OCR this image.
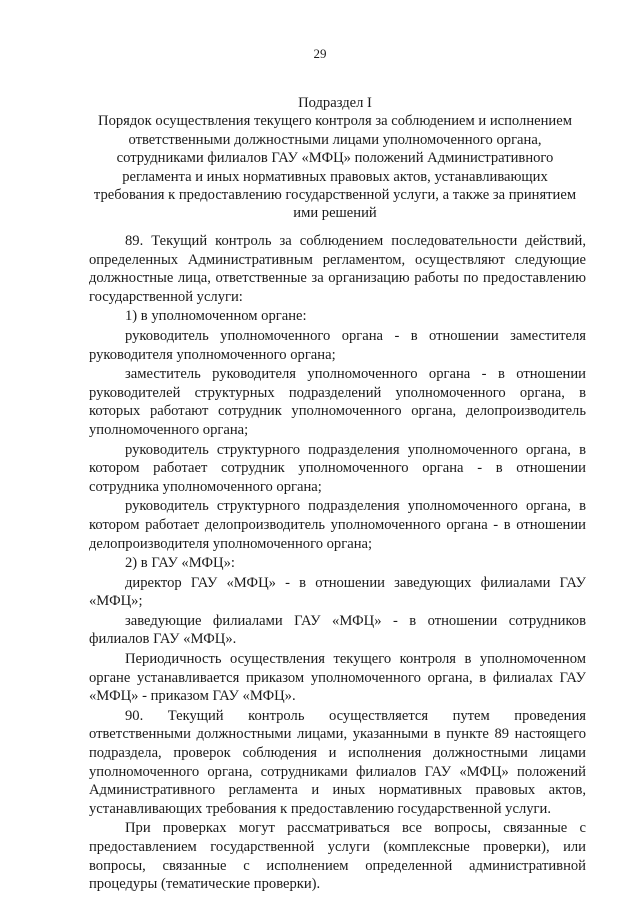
29
Подраздел I
Порядок осуществления текущего контроля за соблюдением и исполнением
ответственными должностными лицами уполномоченного органа,
сотрудниками филиалов ГАУ «МФЦ» положений Административного
регламента и иных нормативных правовых актов, устанавливающих
требования к предоставлению государственной услуги, а также за принятием
ими решений

89. Текущий контроль за соблюдением последовательности действий, определенных Административным регламентом, осуществляют следующие должностные лица, ответственные за организацию работы по предоставлению государственной услуги:

1) в уполномоченном органе:

руководитель уполномоченного органа - в отношении заместителя руководителя уполномоченного органа;

заместитель руководителя уполномоченного органа - в отношении руководителей структурных подразделений уполномоченного органа, в которых работают сотрудник уполномоченного органа, делопроизводитель уполномоченного органа;

руководитель структурного подразделения уполномоченного органа, в котором работает сотрудник уполномоченного органа - в отношении сотрудника уполномоченного органа;

руководитель структурного подразделения уполномоченного органа, в котором работает делопроизводитель уполномоченного органа - в отношении делопроизводителя уполномоченного органа;

2) в ГАУ «МФЦ»:

директор ГАУ «МФЦ» - в отношении заведующих филиалами ГАУ «МФЦ»;

заведующие филиалами ГАУ «МФЦ» - в отношении сотрудников филиалов ГАУ «МФЦ».

Периодичность осуществления текущего контроля в уполномоченном органе устанавливается приказом уполномоченного органа, в филиалах ГАУ «МФЦ» - приказом ГАУ «МФЦ».

90. Текущий контроль осуществляется путем проведения ответственными должностными лицами, указанными в пункте 89 настоящего подраздела, проверок соблюдения и исполнения должностными лицами уполномоченного органа, сотрудниками филиалов ГАУ «МФЦ» положений Административного регламента и иных нормативных правовых актов, устанавливающих требования к предоставлению государственной услуги.

При проверках могут рассматриваться все вопросы, связанные с предоставлением государственной услуги (комплексные проверки), или вопросы, связанные с исполнением определенной административной процедуры (тематические проверки).
